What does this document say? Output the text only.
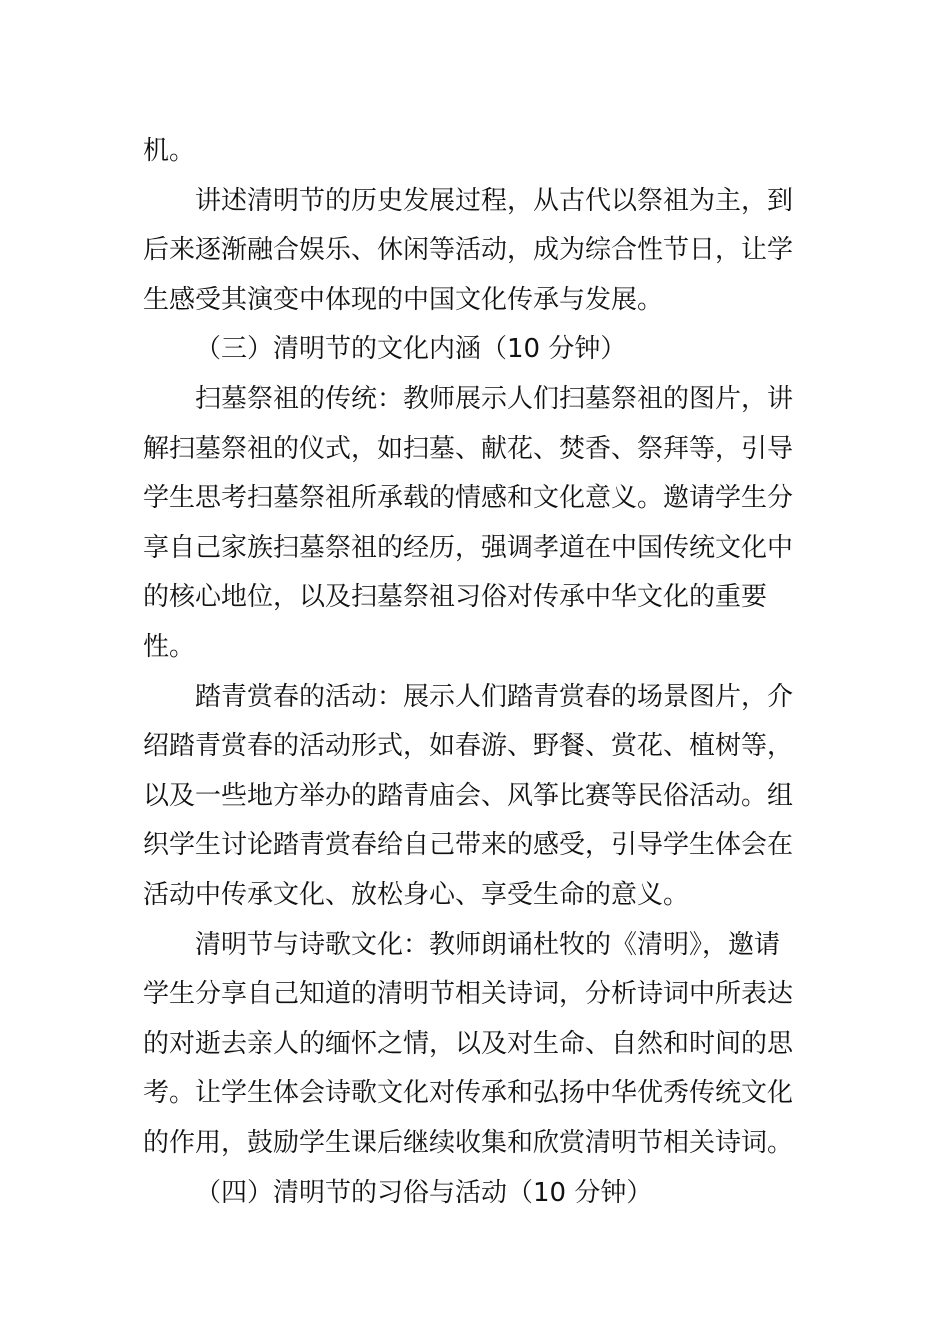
机。
讲述清明节的历史发展过程，从古代以祭祖为主，到
后来逐渐融合娱乐、休闲等活动，成为综合性节日，让学
生感受其演变中体现的中国文化传承与发展。
（三）清明节的文化内涵（10 分钟）
扫墓祭祖的传统：教师展示人们扫墓祭祖的图片，讲
解扫墓祭祖的仪式，如扫墓、献花、焚香、祭拜等，引导
学生思考扫墓祭祖所承载的情感和文化意义。邀请学生分
享自己家族扫墓祭祖的经历，强调孝道在中国传统文化中
的核心地位，以及扫墓祭祖习俗对传承中华文化的重要
性。
踏青赏春的活动：展示人们踏青赏春的场景图片，介
绍踏青赏春的活动形式，如春游、野餐、赏花、植树等，
以及一些地方举办的踏青庙会、风筝比赛等民俗活动。组
织学生讨论踏青赏春给自己带来的感受，引导学生体会在
活动中传承文化、放松身心、享受生命的意义。
清明节与诗歌文化：教师朗诵杜牧的《清明》，邀请
学生分享自己知道的清明节相关诗词，分析诗词中所表达
的对逝去亲人的缅怀之情，以及对生命、自然和时间的思
考。让学生体会诗歌文化对传承和弘扬中华优秀传统文化
的作用，鼓励学生课后继续收集和欣赏清明节相关诗词。
（四）清明节的习俗与活动（10 分钟）
